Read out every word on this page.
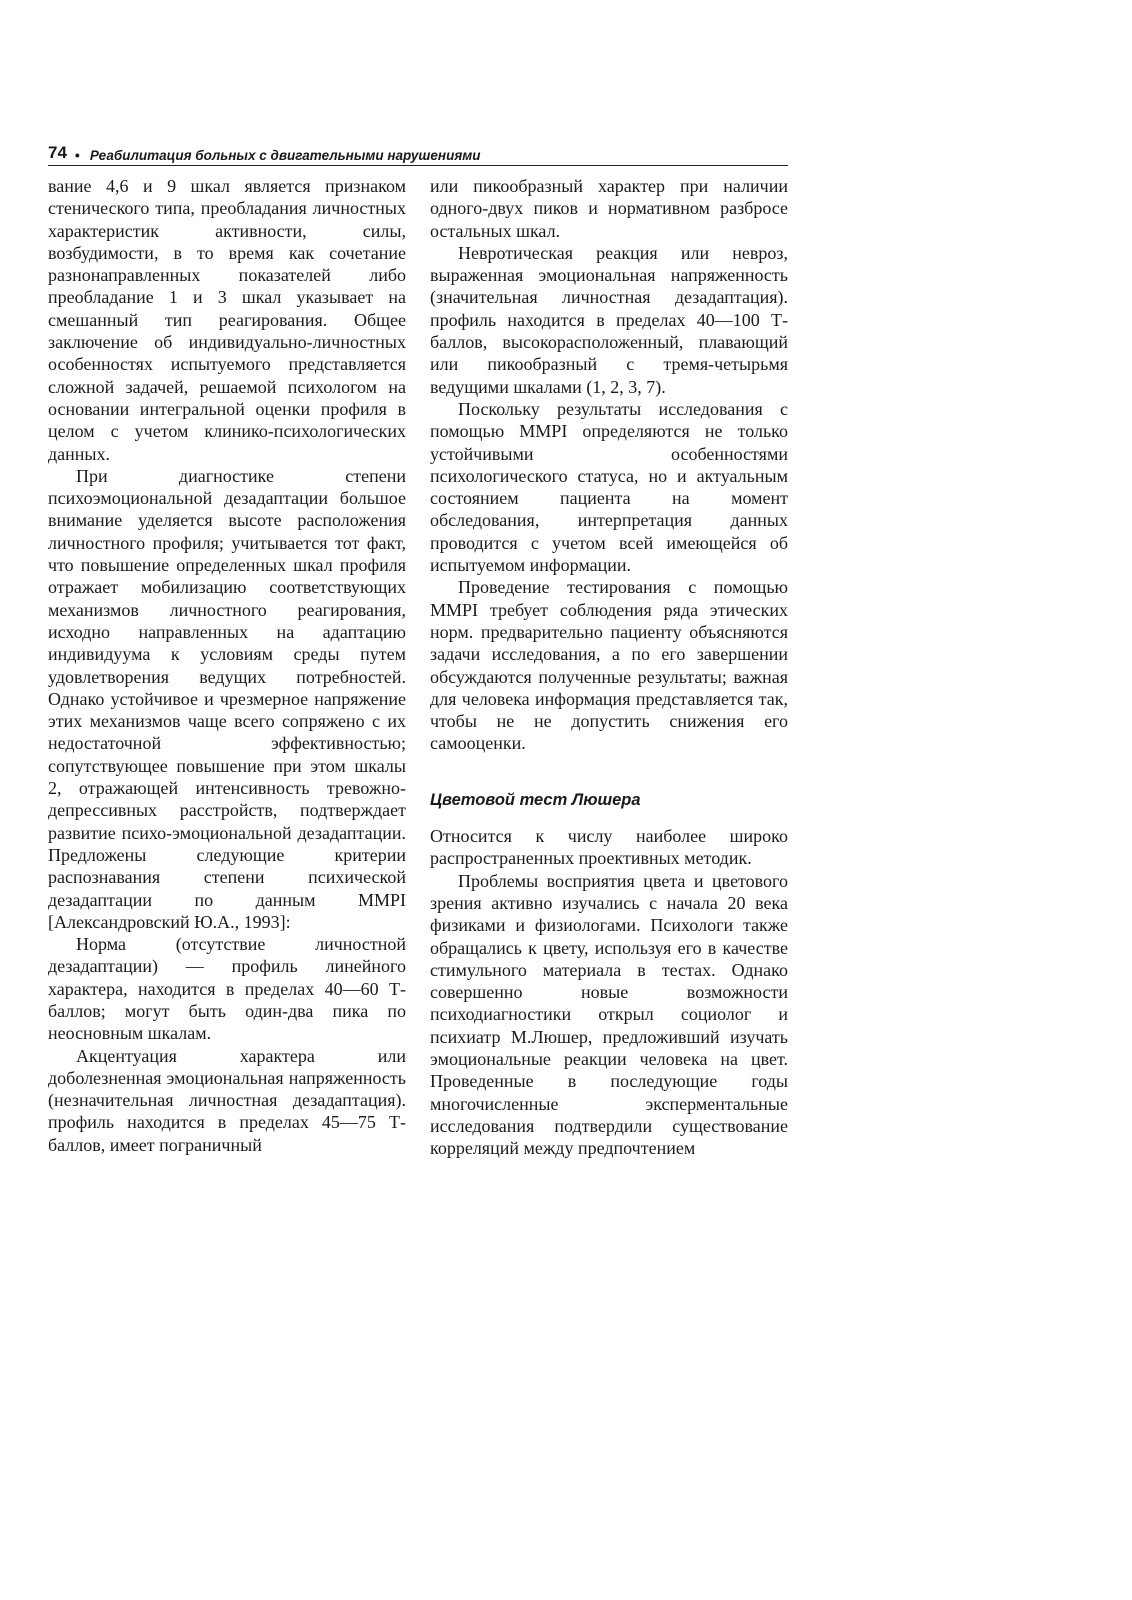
74 • Реабилитация больных с двигательными нарушениями

вание 4,6 и 9 шкал является признаком стенического типа, преобладания личностных характеристик активности, силы, возбудимости, в то время как сочетание разнонаправленных показателей либо преобладание 1 и 3 шкал указывает на смешанный тип реагирования. Общее заключение об индивидуально-личностных особенностях испытуемого представляется сложной задачей, решаемой психологом на основании интегральной оценки профиля в целом с учетом клинико-психологических данных.

При диагностике степени психоэмоциональной дезадаптации большое внимание уделяется высоте расположения личностного профиля; учитывается тот факт, что повышение определенных шкал профиля отражает мобилизацию соответствующих механизмов личностного реагирования, исходно направленных на адаптацию индивидуума к условиям среды путем удовлетворения ведущих потребностей. Однако устойчивое и чрезмерное напряжение этих механизмов чаще всего сопряжено с их недостаточной эффективностью; сопутствующее повышение при этом шкалы 2, отражающей интенсивность тревожно-депрессивных расстройств, подтверждает развитие психо-эмоциональной дезадаптации. Предложены следующие критерии распознавания степени психической дезадаптации по данным MMPI [Александровский Ю.А., 1993]:

Норма (отсутствие личностной дезадаптации) — профиль линейного характера, находится в пределах 40—60 Т-баллов; могут быть один-два пика по неосновным шкалам.

Акцентуация характера или доболезненная эмоциональная напряженность (незначительная личностная дезадаптация). профиль находится в пределах 45—75 Т-баллов, имеет пограничный

или пикообразный характер при наличии одного-двух пиков и нормативном разбросе остальных шкал.

Невротическая реакция или невроз, выраженная эмоциональная напряженность (значительная личностная дезадаптация). профиль находится в пределах 40—100 Т-баллов, высокорасположенный, плавающий или пикообразный с тремя-четырьмя ведущими шкалами (1, 2, 3, 7).

Поскольку результаты исследования с помощью MMPI определяются не только устойчивыми особенностями психологического статуса, но и актуальным состоянием пациента на момент обследования, интерпретация данных проводится с учетом всей имеющейся об испытуемом информации.

Проведение тестирования с помощью MMPI требует соблюдения ряда этических норм. предварительно пациенту объясняются задачи исследования, а по его завершении обсуждаются полученные результаты; важная для человека информация представляется так, чтобы не не допустить снижения его самооценки.

Цветовой тест Люшера

Относится к числу наиболее широко распространенных проективных методик.

Проблемы восприятия цвета и цветового зрения активно изучались с начала 20 века физиками и физиологами. Психологи также обращались к цвету, используя его в качестве стимульного материала в тестах. Однако совершенно новые возможности психодиагностики открыл социолог и психиатр М.Люшер, предложивший изучать эмоциональные реакции человека на цвет. Проведенные в последующие годы многочисленные эксперментальные исследования подтвердили существование корреляций между предпочтением
